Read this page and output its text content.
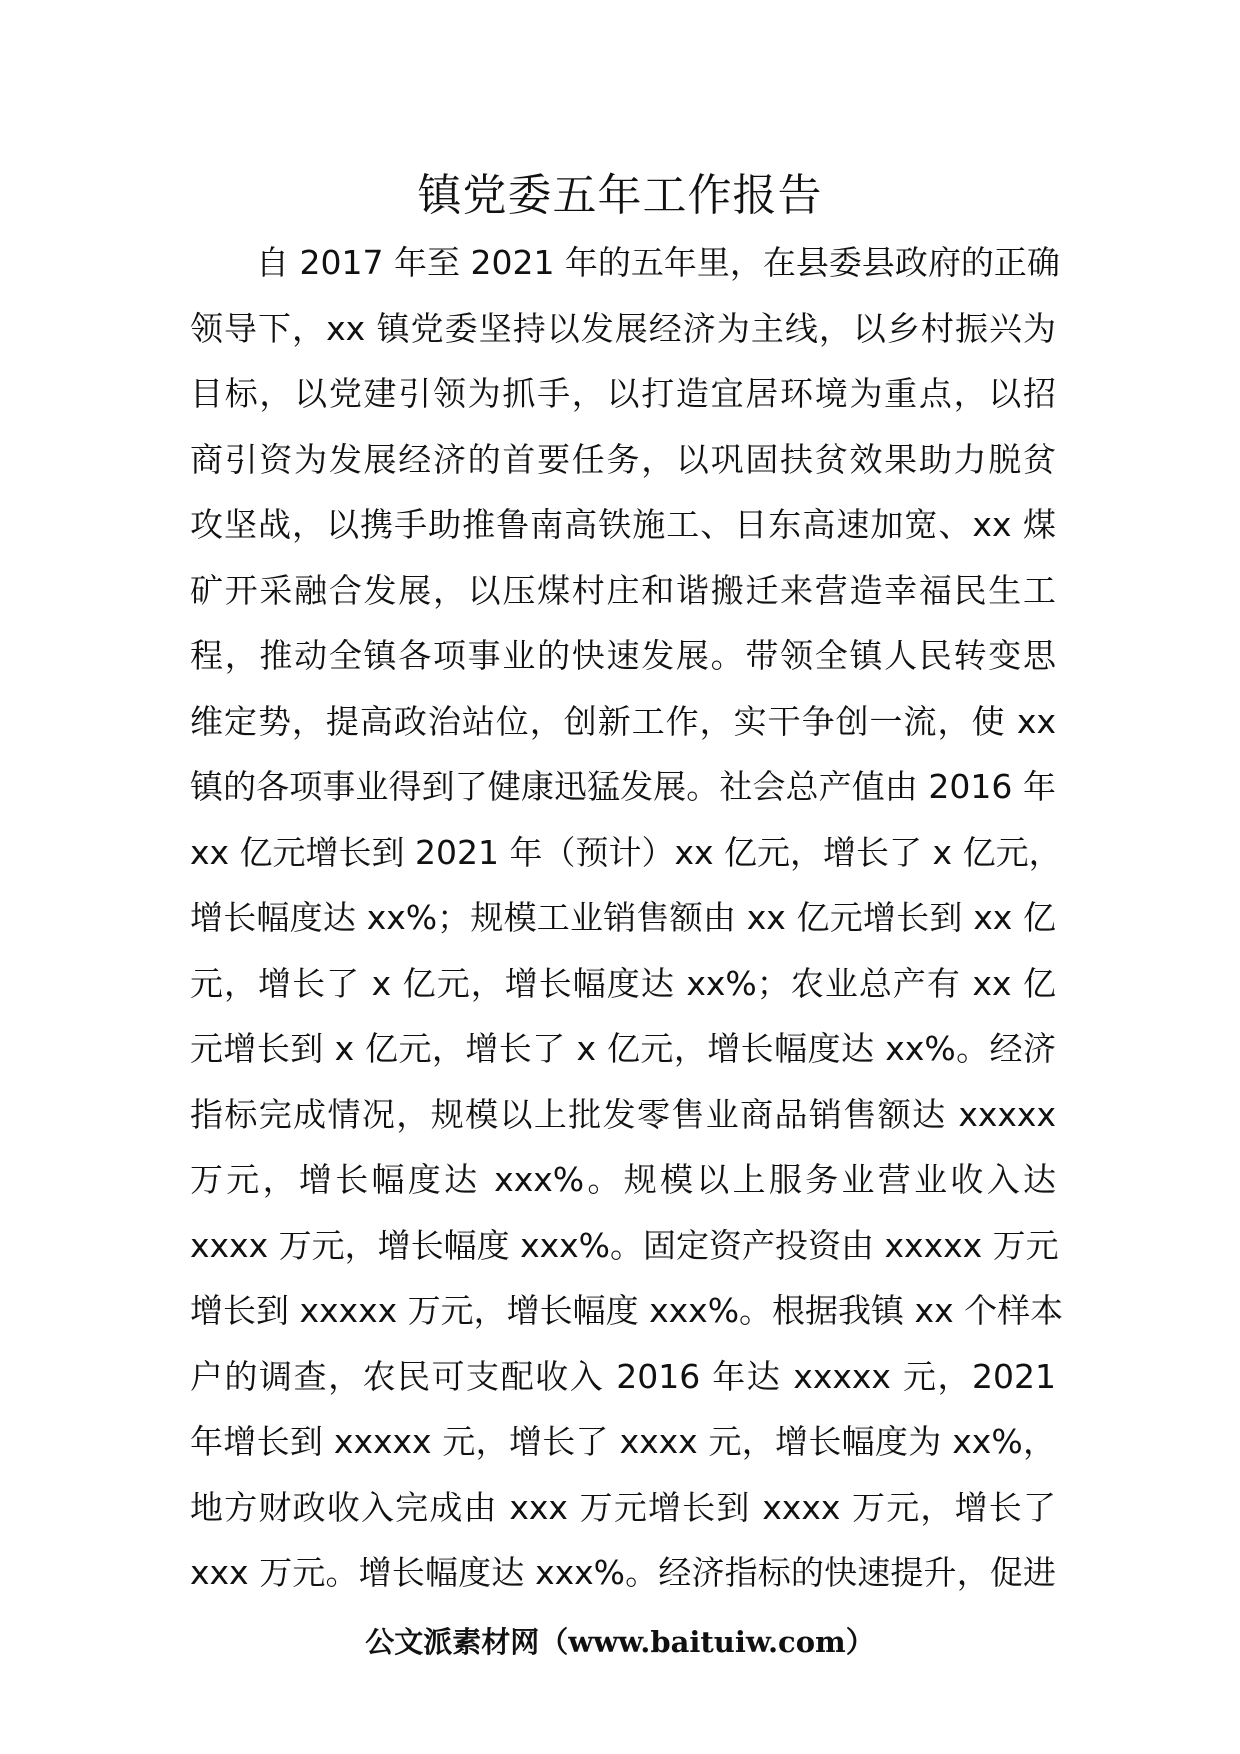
镇党委五年工作报告
自 2017 年至 2021 年的五年里，在县委县政府的正确
领导下，xx 镇党委坚持以发展经济为主线，以乡村振兴为
目标，以党建引领为抓手，以打造宜居环境为重点，以招
商引资为发展经济的首要任务，以巩固扶贫效果助力脱贫
攻坚战，以携手助推鲁南高铁施工、日东高速加宽、xx 煤
矿开采融合发展，以压煤村庄和谐搬迁来营造幸福民生工
程，推动全镇各项事业的快速发展。带领全镇人民转变思
维定势，提高政治站位，创新工作，实干争创一流，使 xx
镇的各项事业得到了健康迅猛发展。社会总产值由 2016 年
xx 亿元增长到 2021 年（预计）xx 亿元，增长了 x 亿元，
增长幅度达 xx%；规模工业销售额由 xx 亿元增长到 xx 亿
元，增长了 x 亿元，增长幅度达 xx%；农业总产有 xx 亿
元增长到 x 亿元，增长了 x 亿元，增长幅度达 xx%。经济
指标完成情况，规模以上批发零售业商品销售额达 xxxxx
万元，增长幅度达 xxx%。规模以上服务业营业收入达
xxxx 万元，增长幅度 xxx%。固定资产投资由 xxxxx 万元
增长到 xxxxx 万元，增长幅度 xxx%。根据我镇 xx 个样本
户的调查，农民可支配收入 2016 年达 xxxxx 元，2021
年增长到 xxxxx 元，增长了 xxxx 元，增长幅度为 xx%，
地方财政收入完成由 xxx 万元增长到 xxxx 万元，增长了
xxx 万元。增长幅度达 xxx%。经济指标的快速提升，促进
公文派素材网（www.baituiw.com）
